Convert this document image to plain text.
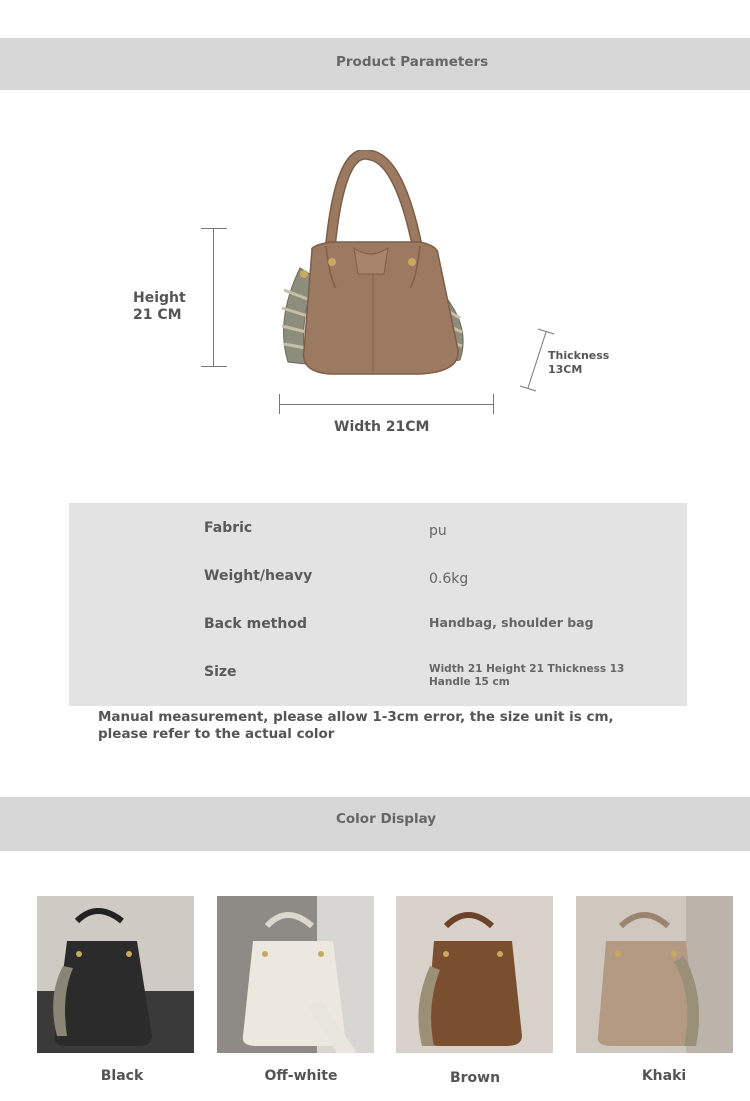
Product Parameters
Height 21 CM
Width 21CM
Thickness 13CM
Fabric	pu
Weight/heavy	0.6kg
Back method	Handbag, shoulder bag
Size	Width 21 Height 21 Thickness 13 Handle 15 cm
Manual measurement, please allow 1-3cm error, the size unit is cm, please refer to the actual color
Color Display
Black	Off-white	Brown	Khaki
